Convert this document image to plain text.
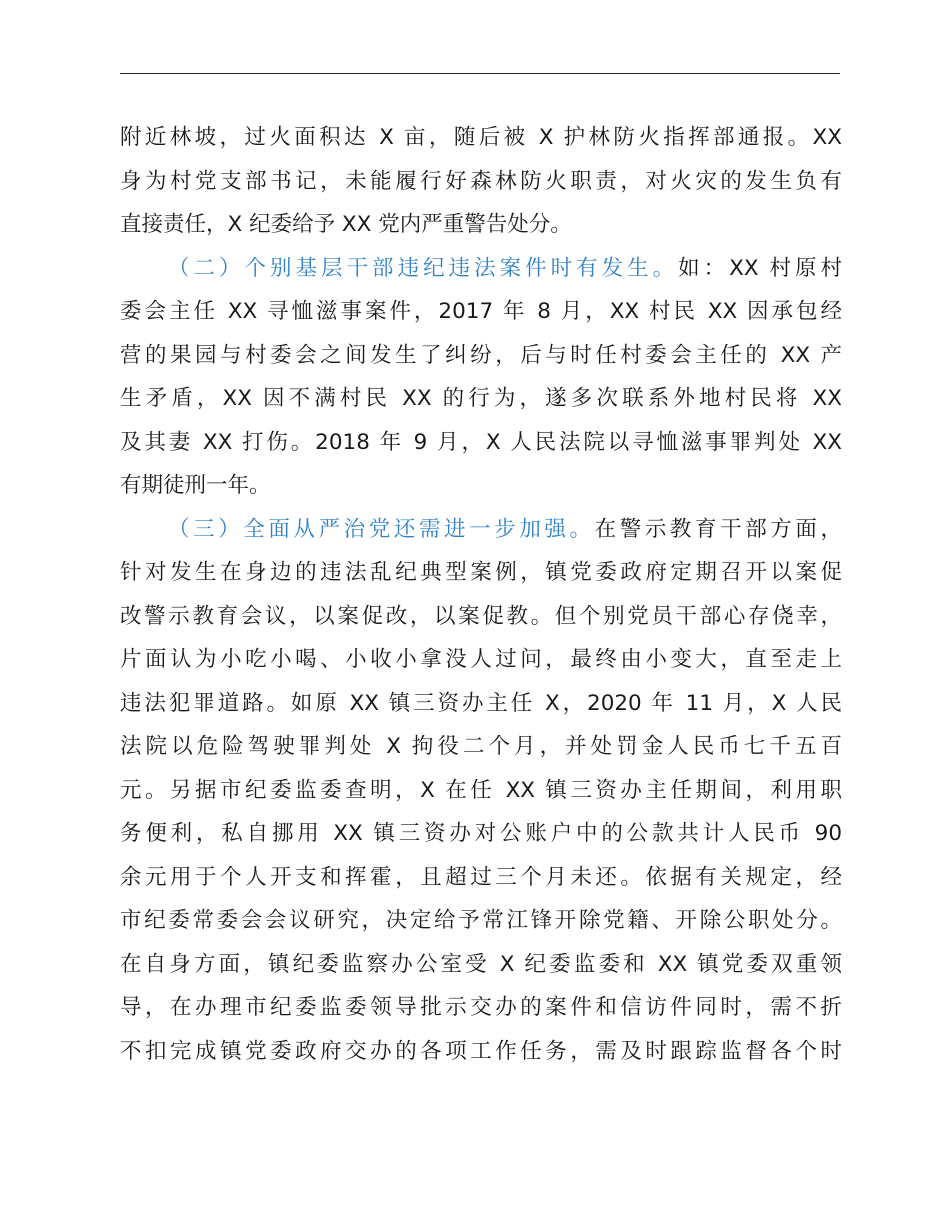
附近林坡，过火面积达 X 亩，随后被 X 护林防火指挥部通报。XX
身为村党支部书记，未能履行好森林防火职责，对火灾的发生负有
直接责任，X 纪委给予 XX 党内严重警告处分。
（二）个别基层干部违纪违法案件时有发生。如：XX 村原村
委会主任 XX 寻恤滋事案件，2017 年 8 月，XX 村民 XX 因承包经
营的果园与村委会之间发生了纠纷，后与时任村委会主任的 XX 产
生矛盾，XX 因不满村民 XX 的行为，遂多次联系外地村民将 XX
及其妻 XX 打伤。2018 年 9 月，X 人民法院以寻恤滋事罪判处 XX
有期徒刑一年。
（三）全面从严治党还需进一步加强。在警示教育干部方面，
针对发生在身边的违法乱纪典型案例，镇党委政府定期召开以案促
改警示教育会议，以案促改，以案促教。但个别党员干部心存侥幸，
片面认为小吃小喝、小收小拿没人过问，最终由小变大，直至走上
违法犯罪道路。如原 XX 镇三资办主任 X，2020 年 11 月，X 人民
法院以危险驾驶罪判处 X 拘役二个月，并处罚金人民币七千五百
元。另据市纪委监委查明，X 在任 XX 镇三资办主任期间，利用职
务便利，私自挪用 XX 镇三资办对公账户中的公款共计人民币 90
余元用于个人开支和挥霍，且超过三个月未还。依据有关规定，经
市纪委常委会会议研究，决定给予常江锋开除党籍、开除公职处分。
在自身方面，镇纪委监察办公室受 X 纪委监委和 XX 镇党委双重领
导，在办理市纪委监委领导批示交办的案件和信访件同时，需不折
不扣完成镇党委政府交办的各项工作任务，需及时跟踪监督各个时
